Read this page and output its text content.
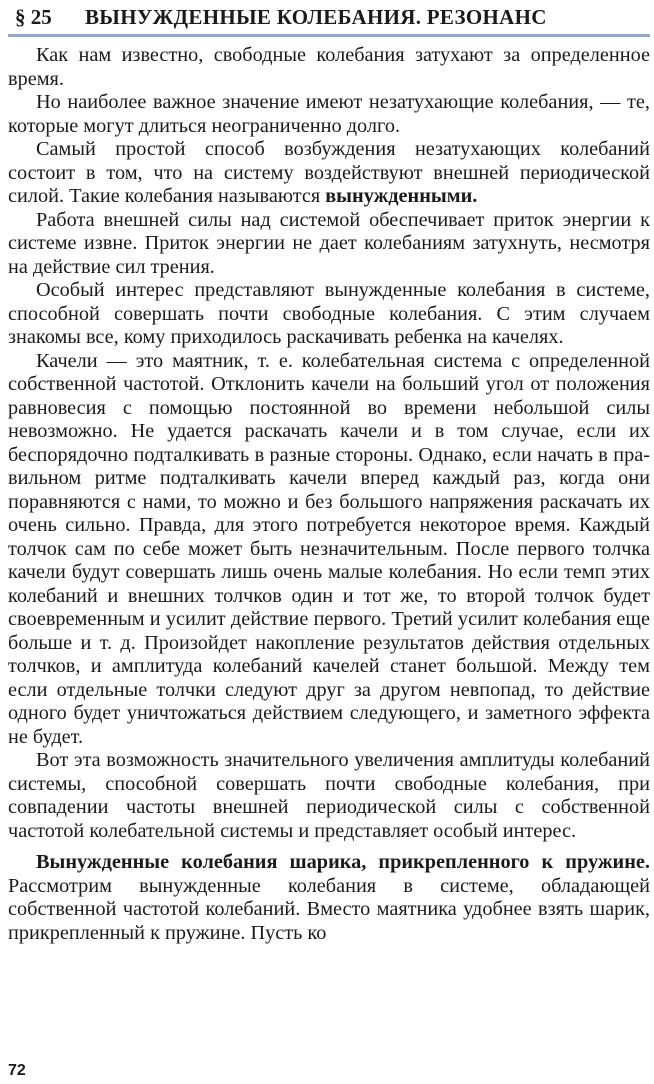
§ 25	ВЫНУЖДЕННЫЕ КОЛЕБАНИЯ. РЕЗОНАНС

Как нам известно, свободные колебания затухают за определенное время.

Но наиболее важное значение имеют незатухающие колебания, — те, которые могут длиться неограниченно долго.

Самый простой способ возбуждения незатухающих колебаний состоит в том, что на систему воздействуют внешней периодической силой. Такие колебания называются вынужденными.

Работа внешней силы над системой обеспечивает приток энергии к системе извне. Приток энергии не дает колебаниям затухнуть, несмотря на действие сил трения.

Особый интерес представляют вынужденные колебания в системе, способной совершать почти свободные колебания. С этим случаем знакомы все, кому приходилось раскачивать ребенка на качелях.

Качели — это маятник, т. е. колебательная система с определенной собственной частотой. Отклонить качели на больший угол от положения равновесия с помощью постоянной во времени небольшой силы невозможно. Не удается раскачать качели и в том случае, если их беспорядочно подталкивать в разные стороны. Однако, если начать в правильном ритме подталкивать качели вперед каждый раз, когда они поравняются с нами, то можно и без большого напряжения раскачать их очень сильно. Правда, для этого потребуется некоторое время. Каждый толчок сам по себе может быть незначительным. После первого толчка качели будут совершать лишь очень малые колебания. Но если темп этих колебаний и внешних толчков один и тот же, то второй толчок будет своевременным и усилит действие первого. Третий усилит колебания еще больше и т. д. Произойдет накопление результатов действия отдельных толчков, и амплитуда колебаний качелей станет большой. Между тем если отдельные толчки следуют друг за другом невпопад, то действие одного будет уничтожаться действием следующего, и заметного эффекта не будет.

Вот эта возможность значительного увеличения амплитуды колебаний системы, способной совершать почти свободные колебания, при совпадении частоты внешней периодической силы с собственной частотой колебательной системы и представляет особый интерес.

Вынужденные колебания шарика, прикрепленного к пружине. Рассмотрим вынужденные колебания в системе, обладающей собственной частотой колебаний. Вместо маятника удобнее взять шарик, прикрепленный к пружине. Пусть ко

72
